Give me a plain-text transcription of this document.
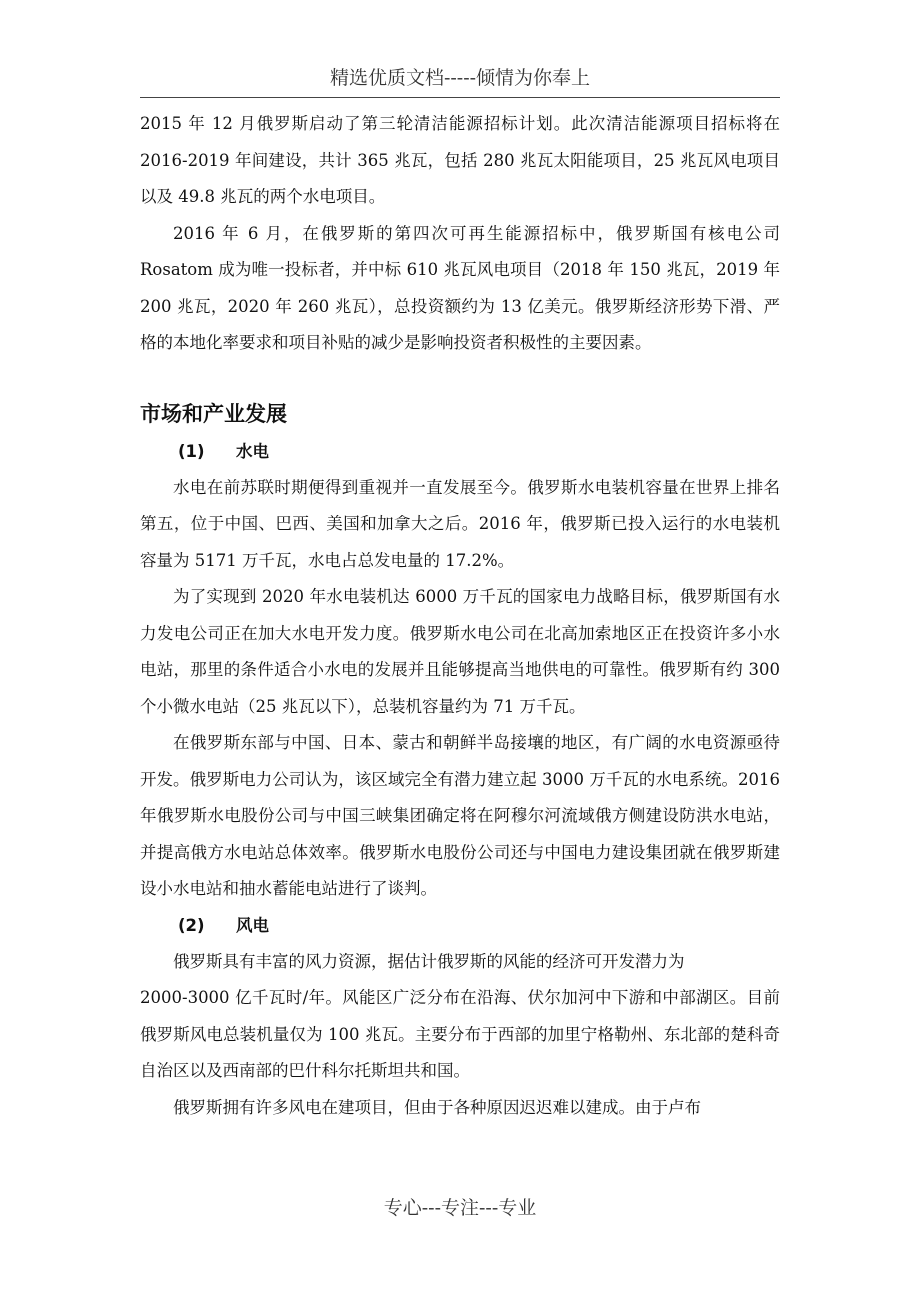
精选优质文档-----倾情为你奉上

2015 年 12 月俄罗斯启动了第三轮清洁能源招标计划。此次清洁能源项目招标将在 2016-2019 年间建设，共计 365 兆瓦，包括 280 兆瓦太阳能项目，25 兆瓦风电项目以及 49.8 兆瓦的两个水电项目。

2016 年 6 月，在俄罗斯的第四次可再生能源招标中，俄罗斯国有核电公司 Rosatom 成为唯一投标者，并中标 610 兆瓦风电项目（2018 年 150 兆瓦，2019 年 200 兆瓦，2020 年 260 兆瓦），总投资额约为 13 亿美元。俄罗斯经济形势下滑、严格的本地化率要求和项目补贴的减少是影响投资者积极性的主要因素。

市场和产业发展
(1) 水电

水电在前苏联时期便得到重视并一直发展至今。俄罗斯水电装机容量在世界上排名第五，位于中国、巴西、美国和加拿大之后。2016 年，俄罗斯已投入运行的水电装机容量为 5171 万千瓦，水电占总发电量的 17.2%。

为了实现到 2020 年水电装机达 6000 万千瓦的国家电力战略目标，俄罗斯国有水力发电公司正在加大水电开发力度。俄罗斯水电公司在北高加索地区正在投资许多小水电站，那里的条件适合小水电的发展并且能够提高当地供电的可靠性。俄罗斯有约 300 个小微水电站（25 兆瓦以下），总装机容量约为 71 万千瓦。

在俄罗斯东部与中国、日本、蒙古和朝鲜半岛接壤的地区，有广阔的水电资源亟待开发。俄罗斯电力公司认为，该区域完全有潜力建立起 3000 万千瓦的水电系统。2016 年俄罗斯水电股份公司与中国三峡集团确定将在阿穆尔河流域俄方侧建设防洪水电站，并提高俄方水电站总体效率。俄罗斯水电股份公司还与中国电力建设集团就在俄罗斯建设小水电站和抽水蓄能电站进行了谈判。

(2) 风电

俄罗斯具有丰富的风力资源，据估计俄罗斯的风能的经济可开发潜力为

2000-3000 亿千瓦时/年。风能区广泛分布在沿海、伏尔加河中下游和中部湖区。目前俄罗斯风电总装机量仅为 100 兆瓦。主要分布于西部的加里宁格勒州、东北部的楚科奇自治区以及西南部的巴什科尔托斯坦共和国。

俄罗斯拥有许多风电在建项目，但由于各种原因迟迟难以建成。由于卢布

专心---专注---专业
